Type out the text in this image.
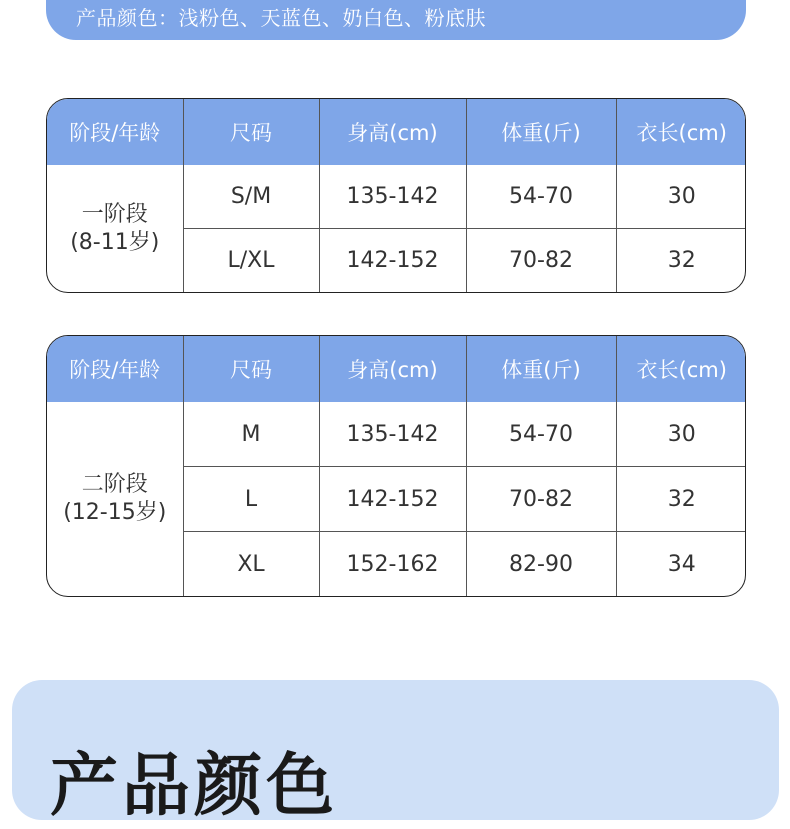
产品颜色：浅粉色、天蓝色、奶白色、粉底肤
阶段/年龄	尺码	身高(cm)	体重(斤)	衣长(cm)

一阶段
(8-11岁)	S/M	135-142	54-70	30
	L/XL	142-152	70-82	32
阶段/年龄	尺码	身高(cm)	体重(斤)	衣长(cm)

二阶段
(12-15岁)	M	135-142	54-70	30
	L	142-152	70-82	32
	XL	152-162	82-90	34
产品颜色
